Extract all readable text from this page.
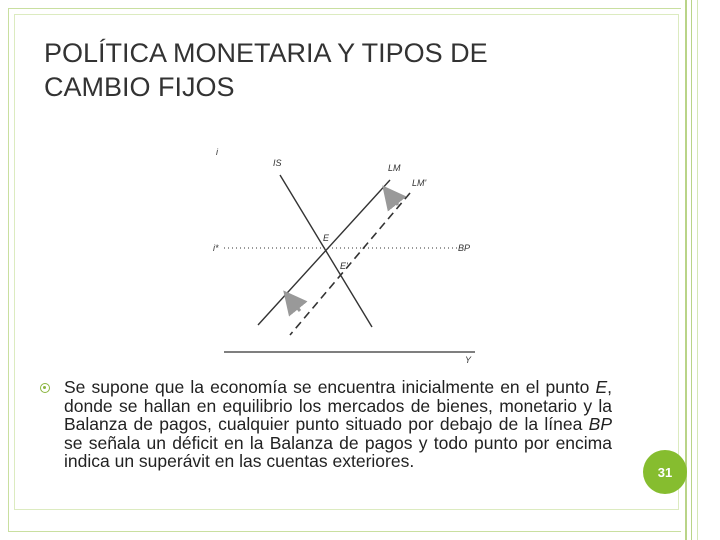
POLÍTICA MONETARIA Y TIPOS DE
CAMBIO FIJOS
i
Y
i*
IS	LM
LM'
BP
E
E'
Se supone que la economía se encuentra inicialmente en el punto E, donde se hallan en equilibrio los mercados de bienes, monetario y la Balanza de pagos, cualquier punto situado por debajo de la línea BP se señala un déficit en la Balanza de pagos y todo punto por encima indica un superávit en las cuentas exteriores.
31
